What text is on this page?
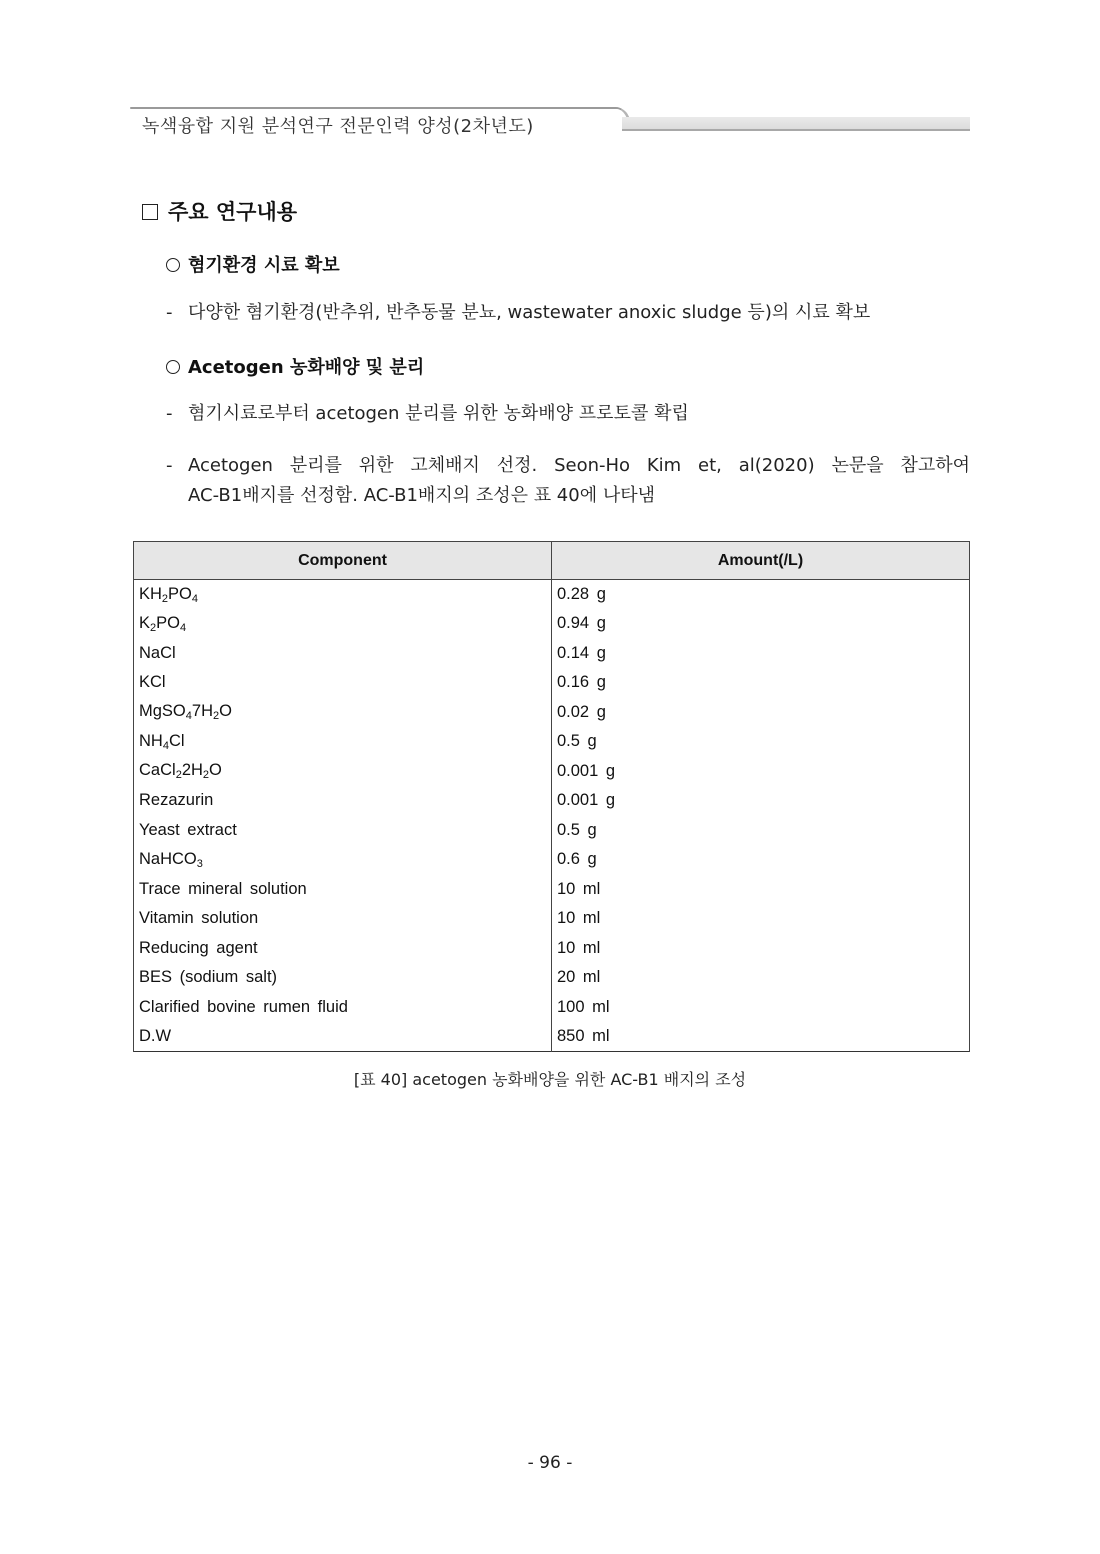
녹색융합 지원 분석연구 전문인력 양성(2차년도)
주요 연구내용
혐기환경 시료 확보
- 다양한 혐기환경(반추위, 반추동물 분뇨, wastewater anoxic sludge 등)의 시료 확보
Acetogen 농화배양 및 분리
- 혐기시료로부터 acetogen 분리를 위한 농화배양 프로토콜 확립
- Acetogen 분리를 위한 고체배지 선정. Seon-Ho Kim et, al(2020) 논문을 참고하여
AC-B1배지를 선정함. AC-B1배지의 조성은 표 40에 나타냄
Component	Amount(/L)
$KH_2PO_4$	0.28 g
$K_2PO_4$	0.94 g
NaCl	0.14 g
KCl	0.16 g
$MgSO_47H_2O$	0.02 g
$NH_4Cl$	0.5 g
$CaCl_22H_2O$	0.001 g
Rezazurin	0.001 g
Yeast extract	0.5 g
NaHCO$_3$	0.6 g
Trace mineral solution	10 ml
Vitamin solution	10 ml
Reducing agent	10 ml
BES (sodium salt)	20 ml
Clarified bovine rumen fluid	100 ml
D.W	850 ml
[표 40] acetogen 농화배양을 위한 AC-B1 배지의 조성
- 96 -
